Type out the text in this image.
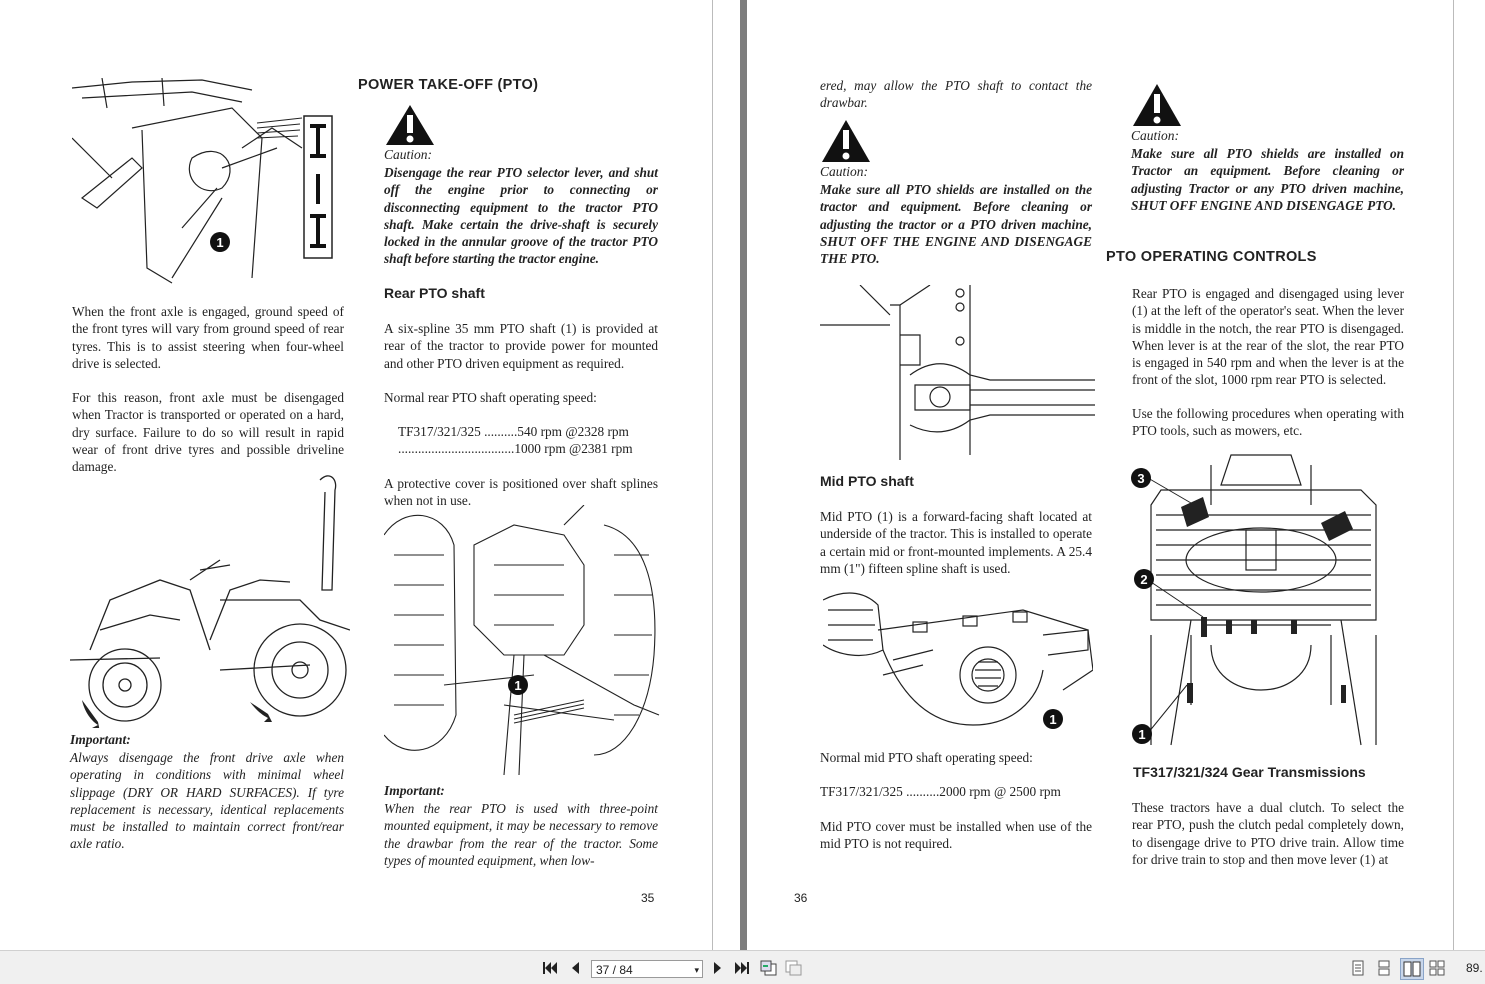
1
When the front axle is engaged, ground speed of the front tyres will vary from ground speed of rear tyres. This is to assist steering when four-wheel drive is selected.
For this reason, front axle must be disengaged when Tractor is transported or operated on a hard, dry surface. Failure to do so will result in rapid wear of front drive tyres and possible driveline damage.
Important:
Always disengage the front drive axle when operating in conditions with minimal wheel slippage (DRY OR HARD SURFACES). If tyre replacement is necessary, identical replacements must be installed to maintain correct front/rear axle ratio.
POWER TAKE-OFF (PTO)
Caution:
Disengage the rear PTO selector lever, and shut off the engine prior to connecting or disconnecting equipment to the tractor PTO shaft. Make certain the drive-shaft is securely locked in the annular groove of the tractor PTO shaft before starting the tractor engine.
Rear PTO shaft
A six-spline 35 mm PTO shaft (1) is provided at rear of the tractor to provide power for mounted and other PTO driven equipment as required.
Normal rear PTO shaft operating speed:
TF317/321/325 ..........540 rpm @2328 rpm
...................................1000 rpm @2381 rpm
A protective cover is positioned over shaft splines when not in use.
1
Important:
When the rear PTO is used with three-point mounted equipment, it may be necessary to remove the drawbar from the rear of the tractor. Some types of mounted equipment, when low-
35
ered, may allow the PTO shaft to contact the drawbar.
Caution:
Make sure all PTO shields are installed on the tractor and equipment. Before cleaning or adjusting the tractor or a PTO driven machine, SHUT OFF THE ENGINE AND DISENGAGE THE PTO.
Mid PTO shaft
Mid PTO (1) is a forward-facing shaft located at underside of the tractor. This is installed to operate a certain mid or front-mounted implements. A 25.4 mm (1") fifteen spline shaft is used.
1
Normal mid PTO shaft operating speed:
TF317/321/325 ..........2000 rpm @ 2500 rpm
Mid PTO cover must be installed when use of the mid PTO is not required.
36
Caution:
Make sure all PTO shields are installed on Tractor an equipment. Before cleaning or adjusting Tractor or any PTO driven machine, SHUT OFF ENGINE AND DISENGAGE PTO.
PTO OPERATING CONTROLS
Rear PTO is engaged and disengaged using lever (1) at the left of the operator's seat. When the lever is middle in the notch, the rear PTO is disengaged. When lever is at the rear of the slot, the rear PTO is engaged in 540 rpm and when the lever is at the front of the slot, 1000 rpm rear PTO is selected.
Use the following procedures when operating with PTO tools, such as mowers, etc.
3
2
1
TF317/321/324 Gear Transmissions
These tractors have a dual clutch. To select the rear PTO, push the clutch pedal completely down, to disengage drive to PTO drive train. Allow time for drive train to stop and then move lever (1) at
37 / 84	▾	89.
